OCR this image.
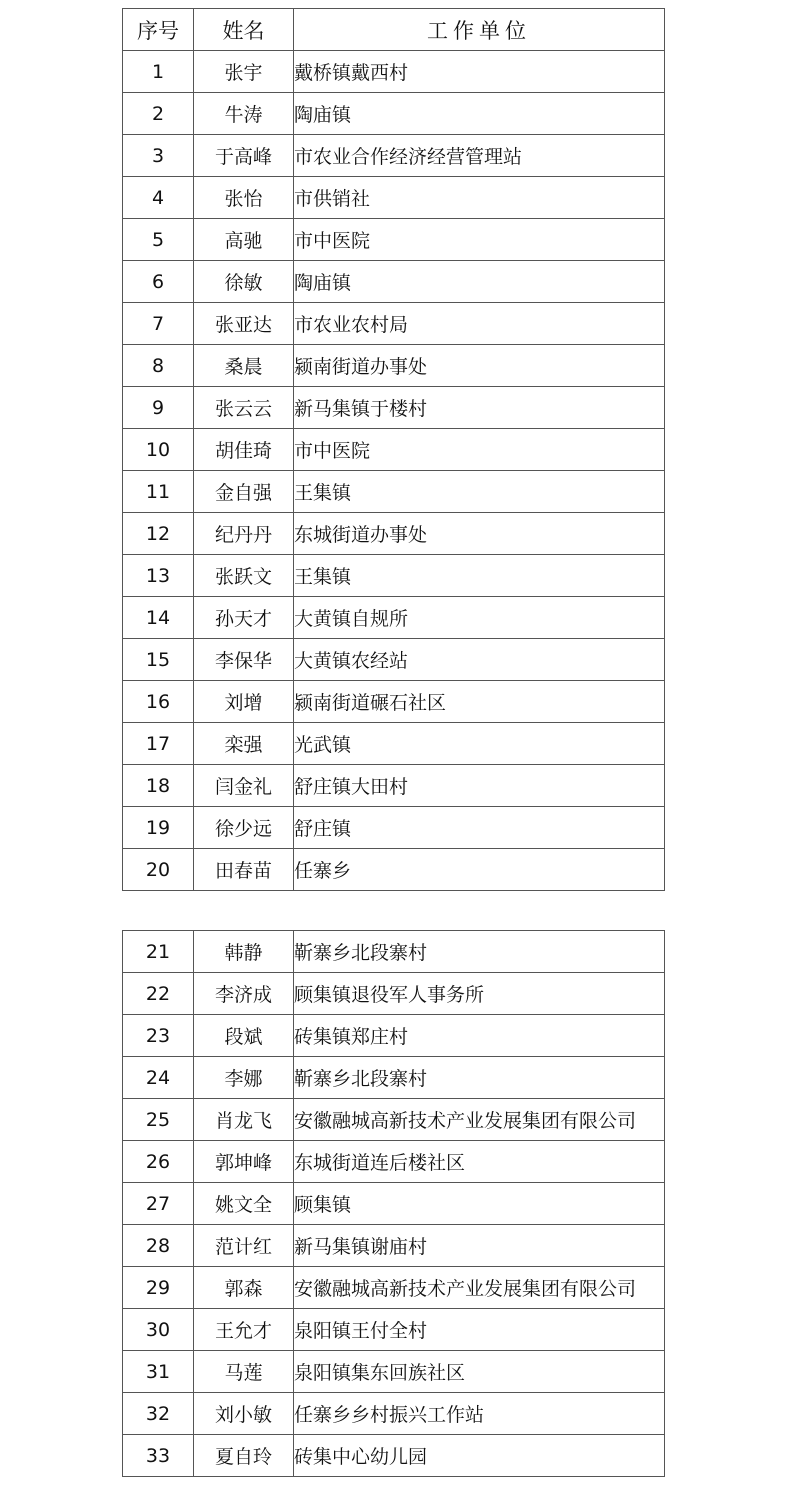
序号	姓名	工作单位
1	张宇	戴桥镇戴西村
2	牛涛	陶庙镇
3	于高峰	市农业合作经济经营管理站
4	张怡	市供销社
5	高驰	市中医院
6	徐敏	陶庙镇
7	张亚达	市农业农村局
8	桑晨	颍南街道办事处
9	张云云	新马集镇于楼村
10	胡佳琦	市中医院
11	金自强	王集镇
12	纪丹丹	东城街道办事处
13	张跃文	王集镇
14	孙天才	大黄镇自规所
15	李保华	大黄镇农经站
16	刘增	颍南街道碾石社区
17	栾强	光武镇
18	闫金礼	舒庄镇大田村
19	徐少远	舒庄镇
20	田春苗	任寨乡
21	韩静	靳寨乡北段寨村
22	李济成	顾集镇退役军人事务所
23	段斌	砖集镇郑庄村
24	李娜	靳寨乡北段寨村
25	肖龙飞	安徽融城高新技术产业发展集团有限公司
26	郭坤峰	东城街道连后楼社区
27	姚文全	顾集镇
28	范计红	新马集镇谢庙村
29	郭森	安徽融城高新技术产业发展集团有限公司
30	王允才	泉阳镇王付全村
31	马莲	泉阳镇集东回族社区
32	刘小敏	任寨乡乡村振兴工作站
33	夏自玲	砖集中心幼儿园
